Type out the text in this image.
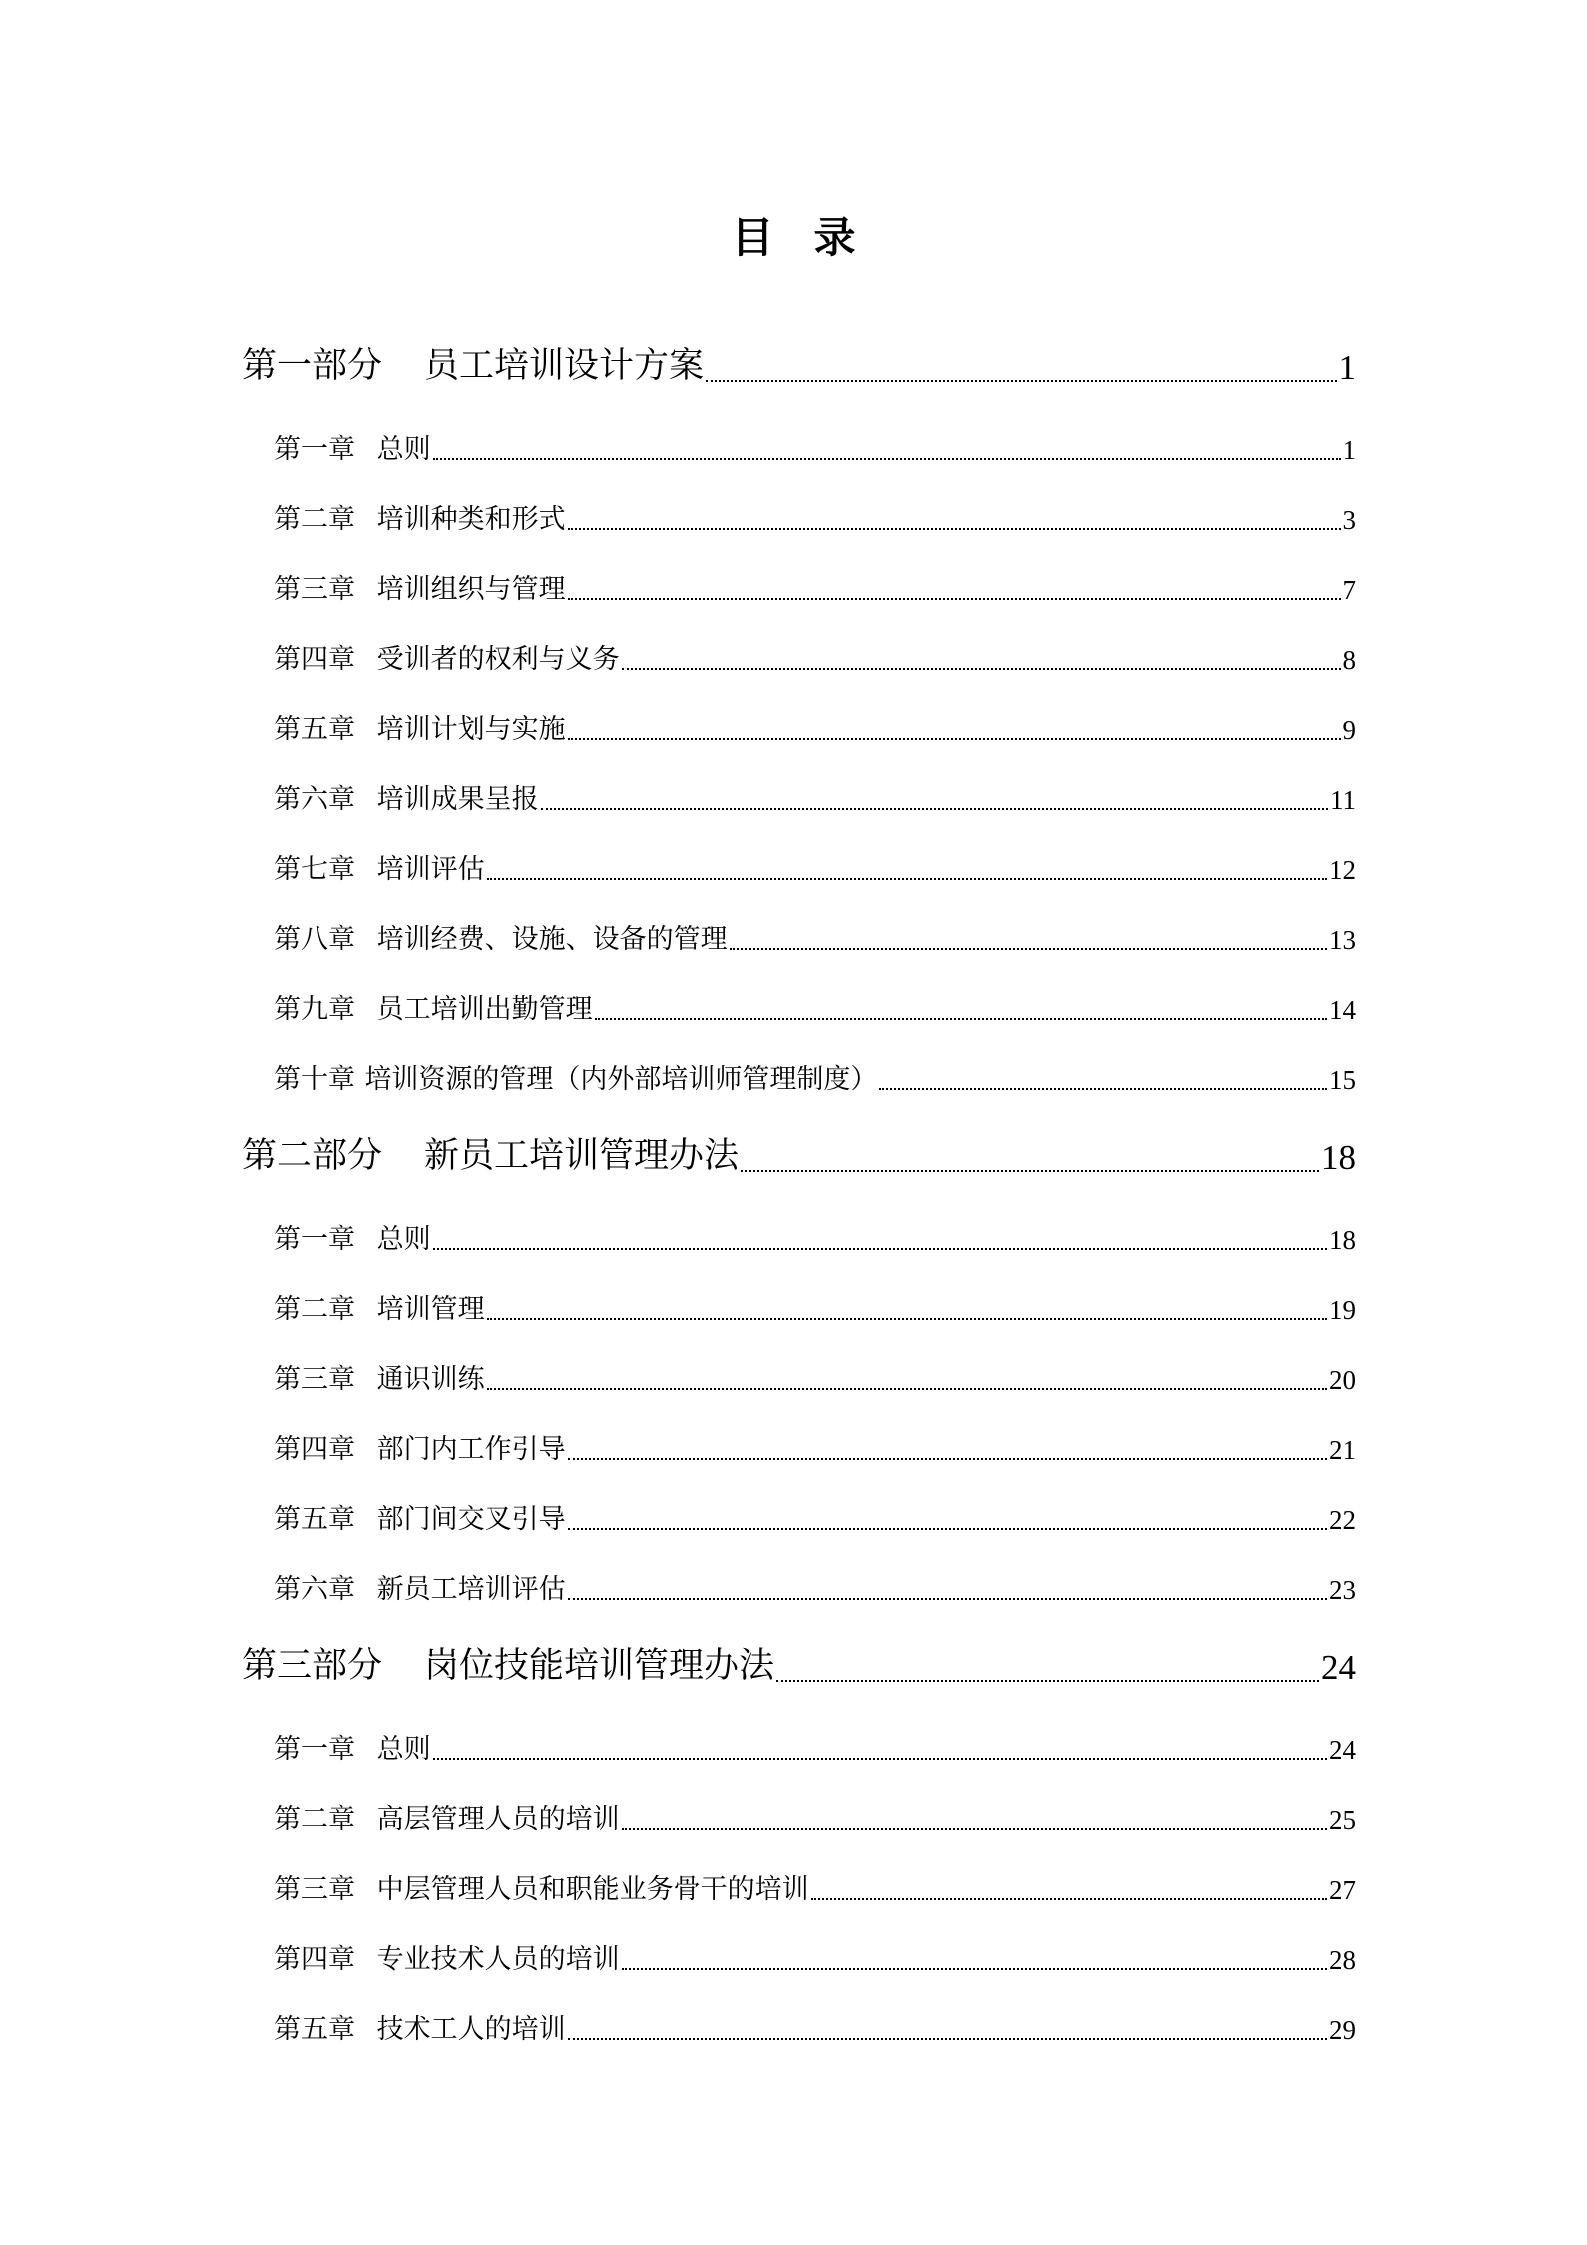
目录
第一部分 员工培训设计方案	1
第一章 总则	1
第二章 培训种类和形式	3
第三章 培训组织与管理	7
第四章 受训者的权利与义务	8
第五章 培训计划与实施	9
第六章 培训成果呈报	11
第七章 培训评估	12
第八章 培训经费、设施、设备的管理	13
第九章 员工培训出勤管理	14
第十章 培训资源的管理（内外部培训师管理制度）	15
第二部分 新员工培训管理办法	18
第一章 总则	18
第二章 培训管理	19
第三章 通识训练	20
第四章 部门内工作引导	21
第五章 部门间交叉引导	22
第六章 新员工培训评估	23
第三部分 岗位技能培训管理办法	24
第一章 总则	24
第二章 高层管理人员的培训	25
第三章 中层管理人员和职能业务骨干的培训	27
第四章 专业技术人员的培训	28
第五章 技术工人的培训	29
